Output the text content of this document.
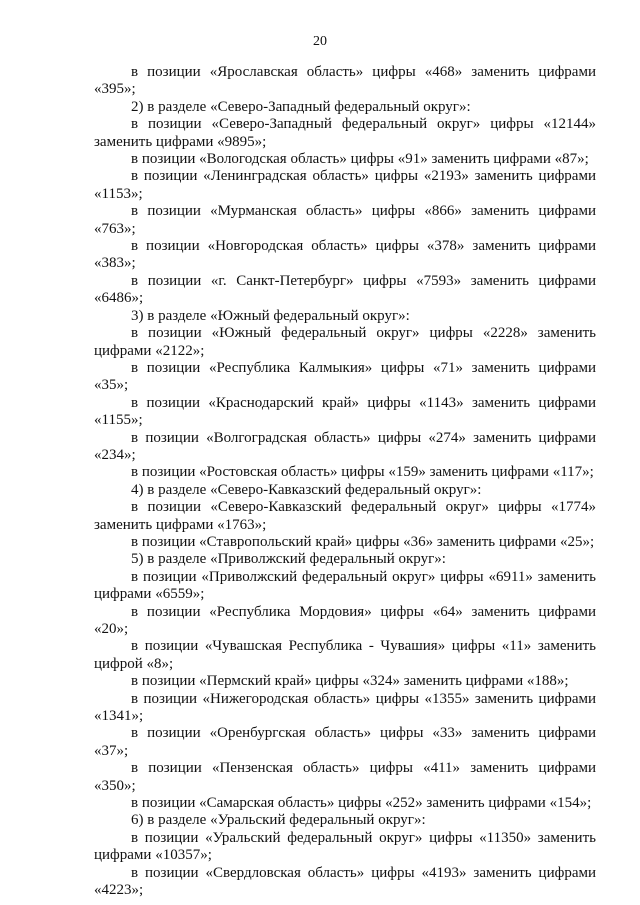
20

в позиции «Ярославская область» цифры «468» заменить цифрами «395»;

2) в разделе «Северо-Западный федеральный округ»:

в позиции «Северо-Западный федеральный округ» цифры «12144» заменить цифрами «9895»;

в позиции «Вологодская область» цифры «91» заменить цифрами «87»;

в позиции «Ленинградская область» цифры «2193» заменить цифрами «1153»;

в позиции «Мурманская область» цифры «866» заменить цифрами «763»;

в позиции «Новгородская область» цифры «378» заменить цифрами «383»;

в позиции «г. Санкт-Петербург» цифры «7593» заменить цифрами «6486»;

3) в разделе «Южный федеральный округ»:

в позиции «Южный федеральный округ» цифры «2228» заменить цифрами «2122»;

в позиции «Республика Калмыкия» цифры «71» заменить цифрами «35»;

в позиции «Краснодарский край» цифры «1143» заменить цифрами «1155»;

в позиции «Волгоградская область» цифры «274» заменить цифрами «234»;

в позиции «Ростовская область» цифры «159» заменить цифрами «117»;

4) в разделе «Северо-Кавказский федеральный округ»:

в позиции «Северо-Кавказский федеральный округ» цифры «1774» заменить цифрами «1763»;

в позиции «Ставропольский край» цифры «36» заменить цифрами «25»;

5) в разделе «Приволжский федеральный округ»:

в позиции «Приволжский федеральный округ» цифры «6911» заменить цифрами «6559»;

в позиции «Республика Мордовия» цифры «64» заменить цифрами «20»;

в позиции «Чувашская Республика - Чувашия» цифры «11» заменить цифрой «8»;

в позиции «Пермский край» цифры «324» заменить цифрами «188»;

в позиции «Нижегородская область» цифры «1355» заменить цифрами «1341»;

в позиции «Оренбургская область» цифры «33» заменить цифрами «37»;

в позиции «Пензенская область» цифры «411» заменить цифрами «350»;

в позиции «Самарская область» цифры «252» заменить цифрами «154»;

6) в разделе «Уральский федеральный округ»:

в позиции «Уральский федеральный округ» цифры «11350» заменить цифрами «10357»;

в позиции «Свердловская область» цифры «4193» заменить цифрами «4223»;
